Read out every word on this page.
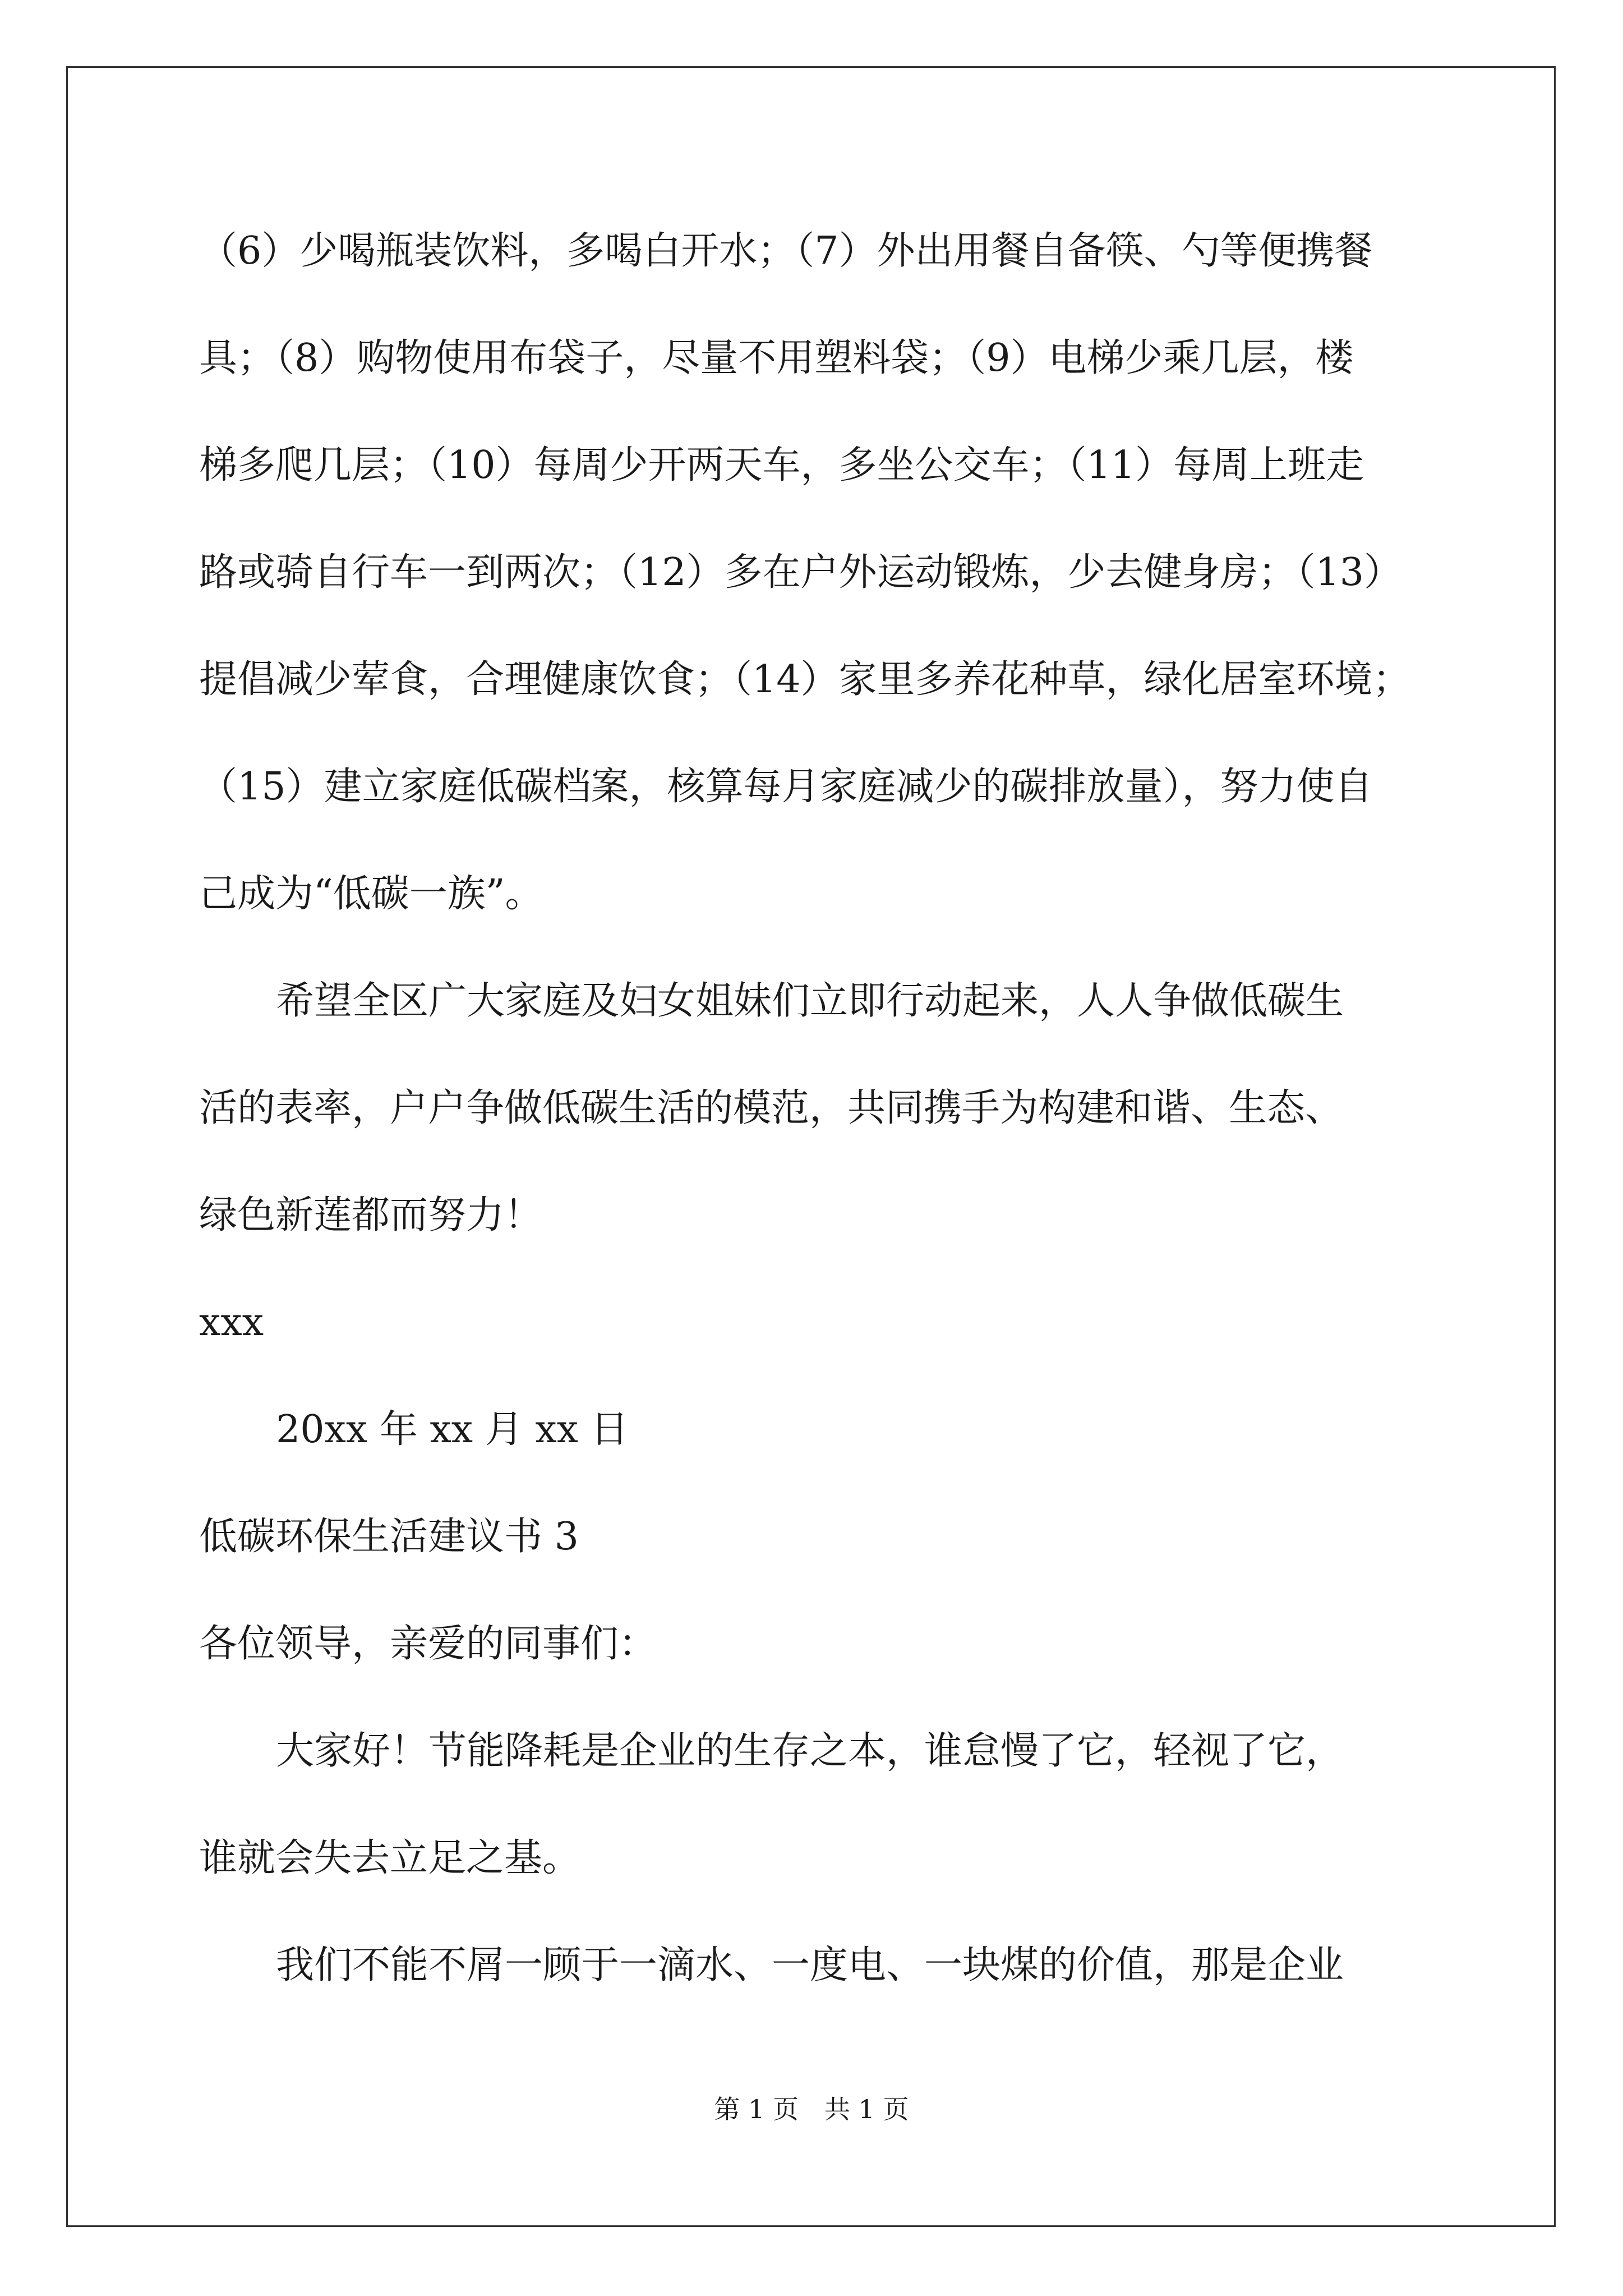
（6）少喝瓶装饮料，多喝白开水；（7）外出用餐自备筷、勺等便携餐
具；（8）购物使用布袋子，尽量不用塑料袋；（9）电梯少乘几层，楼
梯多爬几层；（10）每周少开两天车，多坐公交车；（11）每周上班走
路或骑自行车一到两次；（12）多在户外运动锻炼，少去健身房；（13）
提倡减少荤食，合理健康饮食；（14）家里多养花种草，绿化居室环境；
（15）建立家庭低碳档案，核算每月家庭减少的碳排放量），努力使自
己成为“低碳一族”。
希望全区广大家庭及妇女姐妹们立即行动起来，人人争做低碳生
活的表率，户户争做低碳生活的模范，共同携手为构建和谐、生态、
绿色新莲都而努力！
xxx
20xx 年 xx 月 xx 日
低碳环保生活建议书 3
各位领导，亲爱的同事们：
大家好！节能降耗是企业的生存之本，谁怠慢了它，轻视了它，
谁就会失去立足之基。
我们不能不屑一顾于一滴水、一度电、一块煤的价值，那是企业
第 1 页　共 1 页
